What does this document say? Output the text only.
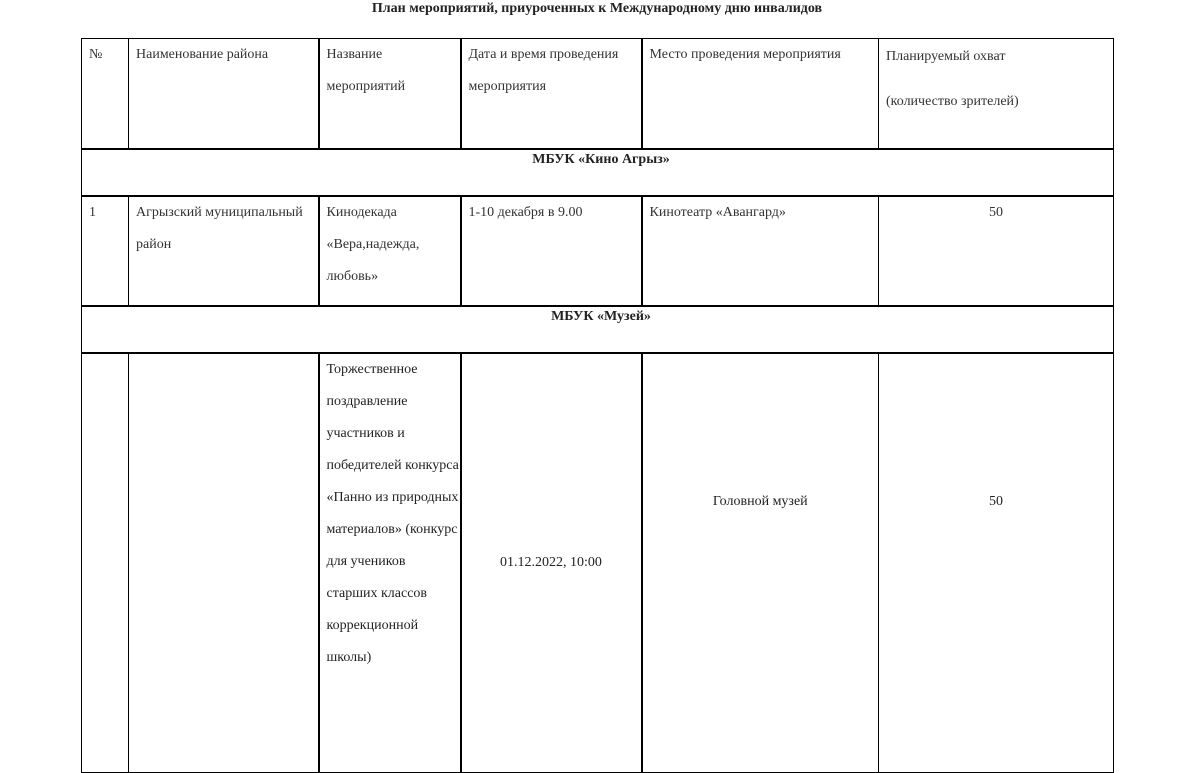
План мероприятий, приуроченных к Международному дню инвалидов
№	Наименование района	Название мероприятий	Дата и время проведения мероприятия	Место проведения мероприятия	Планируемый охват

(количество зрителей)

МБУК «Кино Агрыз»					
1	Агрызский муниципальный район	Кинодекада «Вера,надежда, любовь»	1-10 декабря в 9.00	Кинотеатр «Авангард»	50
МБУК «Музей»					
		Торжественное поздравление участников и победителей конкурса «Панно из природных материалов» (конкурс для учеников старших классов коррекционной школы)	01.12.2022, 10:00	Головной музей	50
